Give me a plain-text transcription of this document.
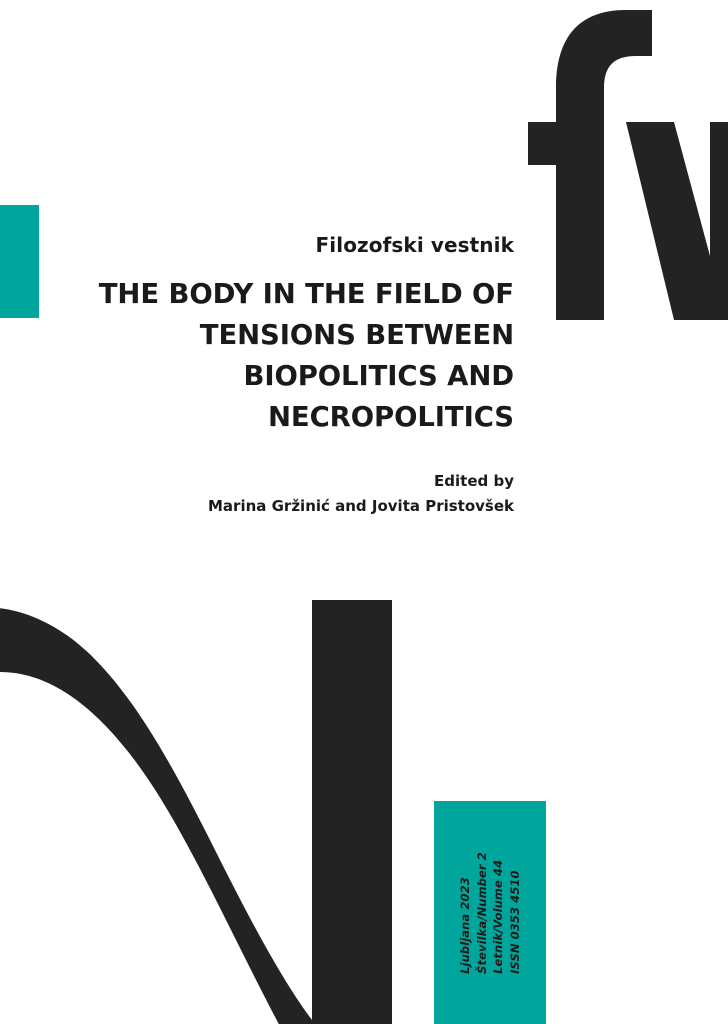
ISSN 0353 4510
Letnik/Volume 44
Številka/Number 2
Ljubljana 2023

Filozofski vestnik

THE BODY IN THE FIELD OF TENSIONS BETWEEN BIOPOLITICS AND NECROPOLITICS

Edited by

Marina Gržinić and Jovita Pristovšek
